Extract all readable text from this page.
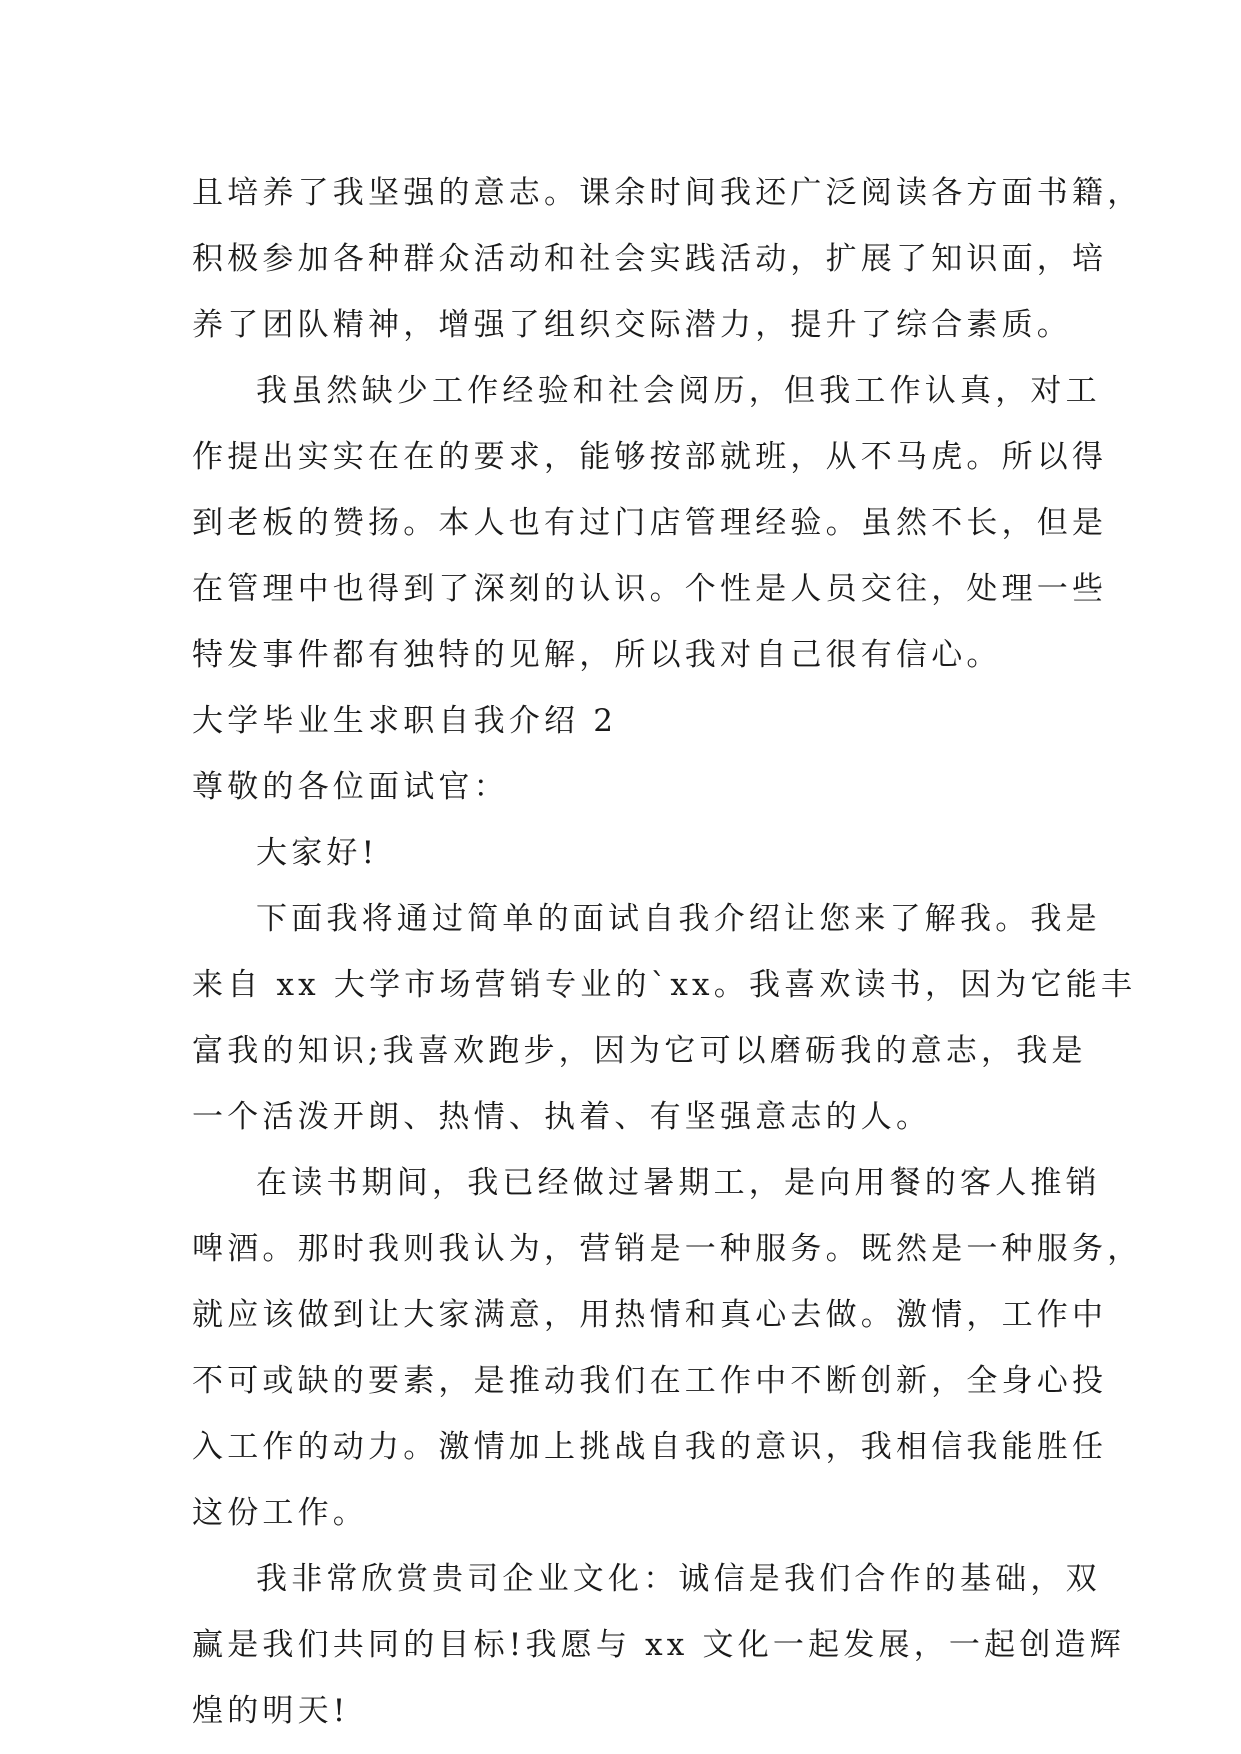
且培养了我坚强的意志。课余时间我还广泛阅读各方面书籍，
积极参加各种群众活动和社会实践活动，扩展了知识面，培
养了团队精神，增强了组织交际潜力，提升了综合素质。
我虽然缺少工作经验和社会阅历，但我工作认真，对工
作提出实实在在的要求，能够按部就班，从不马虎。所以得
到老板的赞扬。本人也有过门店管理经验。虽然不长，但是
在管理中也得到了深刻的认识。个性是人员交往，处理一些
特发事件都有独特的见解，所以我对自己很有信心。
大学毕业生求职自我介绍 2
尊敬的各位面试官：
大家好!
下面我将通过简单的面试自我介绍让您来了解我。我是
来自 xx 大学市场营销专业的`xx。我喜欢读书，因为它能丰
富我的知识;我喜欢跑步，因为它可以磨砺我的意志，我是
一个活泼开朗、热情、执着、有坚强意志的人。
在读书期间，我已经做过暑期工，是向用餐的客人推销
啤酒。那时我则我认为，营销是一种服务。既然是一种服务，
就应该做到让大家满意，用热情和真心去做。激情，工作中
不可或缺的要素，是推动我们在工作中不断创新，全身心投
入工作的动力。激情加上挑战自我的意识，我相信我能胜任
这份工作。
我非常欣赏贵司企业文化：诚信是我们合作的基础，双
赢是我们共同的目标!我愿与 xx 文化一起发展，一起创造辉
煌的明天!
